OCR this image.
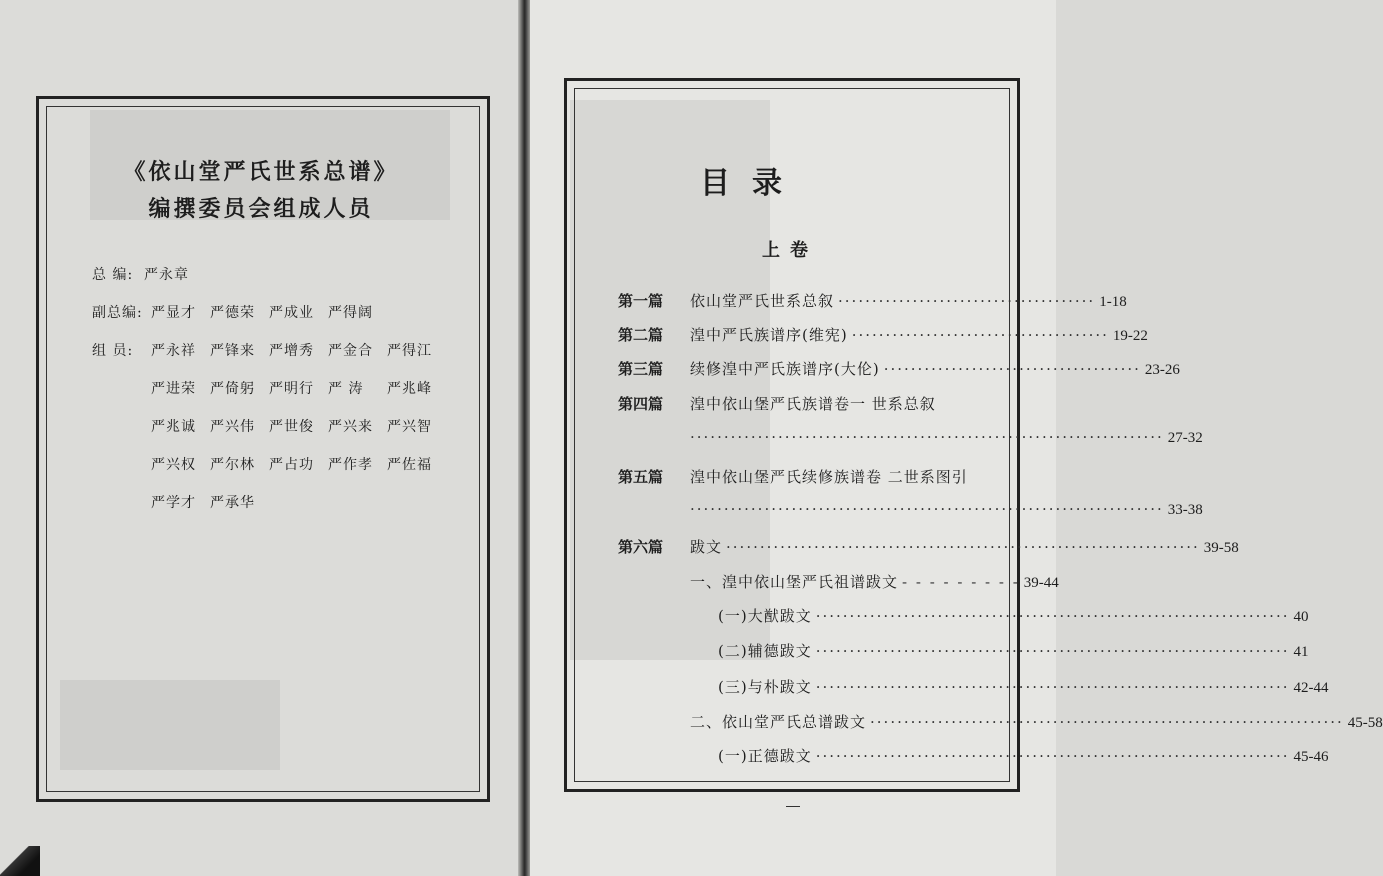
《依山堂严氏世系总谱》
编撰委员会组成人员
总 编: 严永章
副总编: 严显才 严德荣 严成业 严得阔
组 员: 严永祥 严锋来 严增秀 严金合 严得江
严进荣 严倚躬 严明行 严 涛 严兆峰
严兆诚 严兴伟 严世俊 严兴来 严兴智
严兴权 严尔林 严占功 严作孝 严佐福
严学才 严承华
目录
上卷
第一篇	依山堂严氏世系总叙 ······································ 1-18
第二篇	湟中严氏族谱序(维宪) ······································ 19-22
第三篇	续修湟中严氏族谱序(大伦) ······································ 23-26
第四篇	湟中依山堡严氏族谱卷一 世系总叙
······································································ 27-32
第五篇	湟中依山堡严氏续修族谱卷 二世系图引
······································································ 33-38
第六篇	跋文 ······································································ 39-58
一、湟中依山堡严氏祖谱跋文 - - - - - - - - - 39-44
(一)大猷跋文 ······································································ 40
(二)辅德跋文 ······································································ 41
(三)与朴跋文 ······································································ 42-44
二、依山堂严氏总谱跋文 ······································································ 45-58
(一)正德跋文 ······································································ 45-46
